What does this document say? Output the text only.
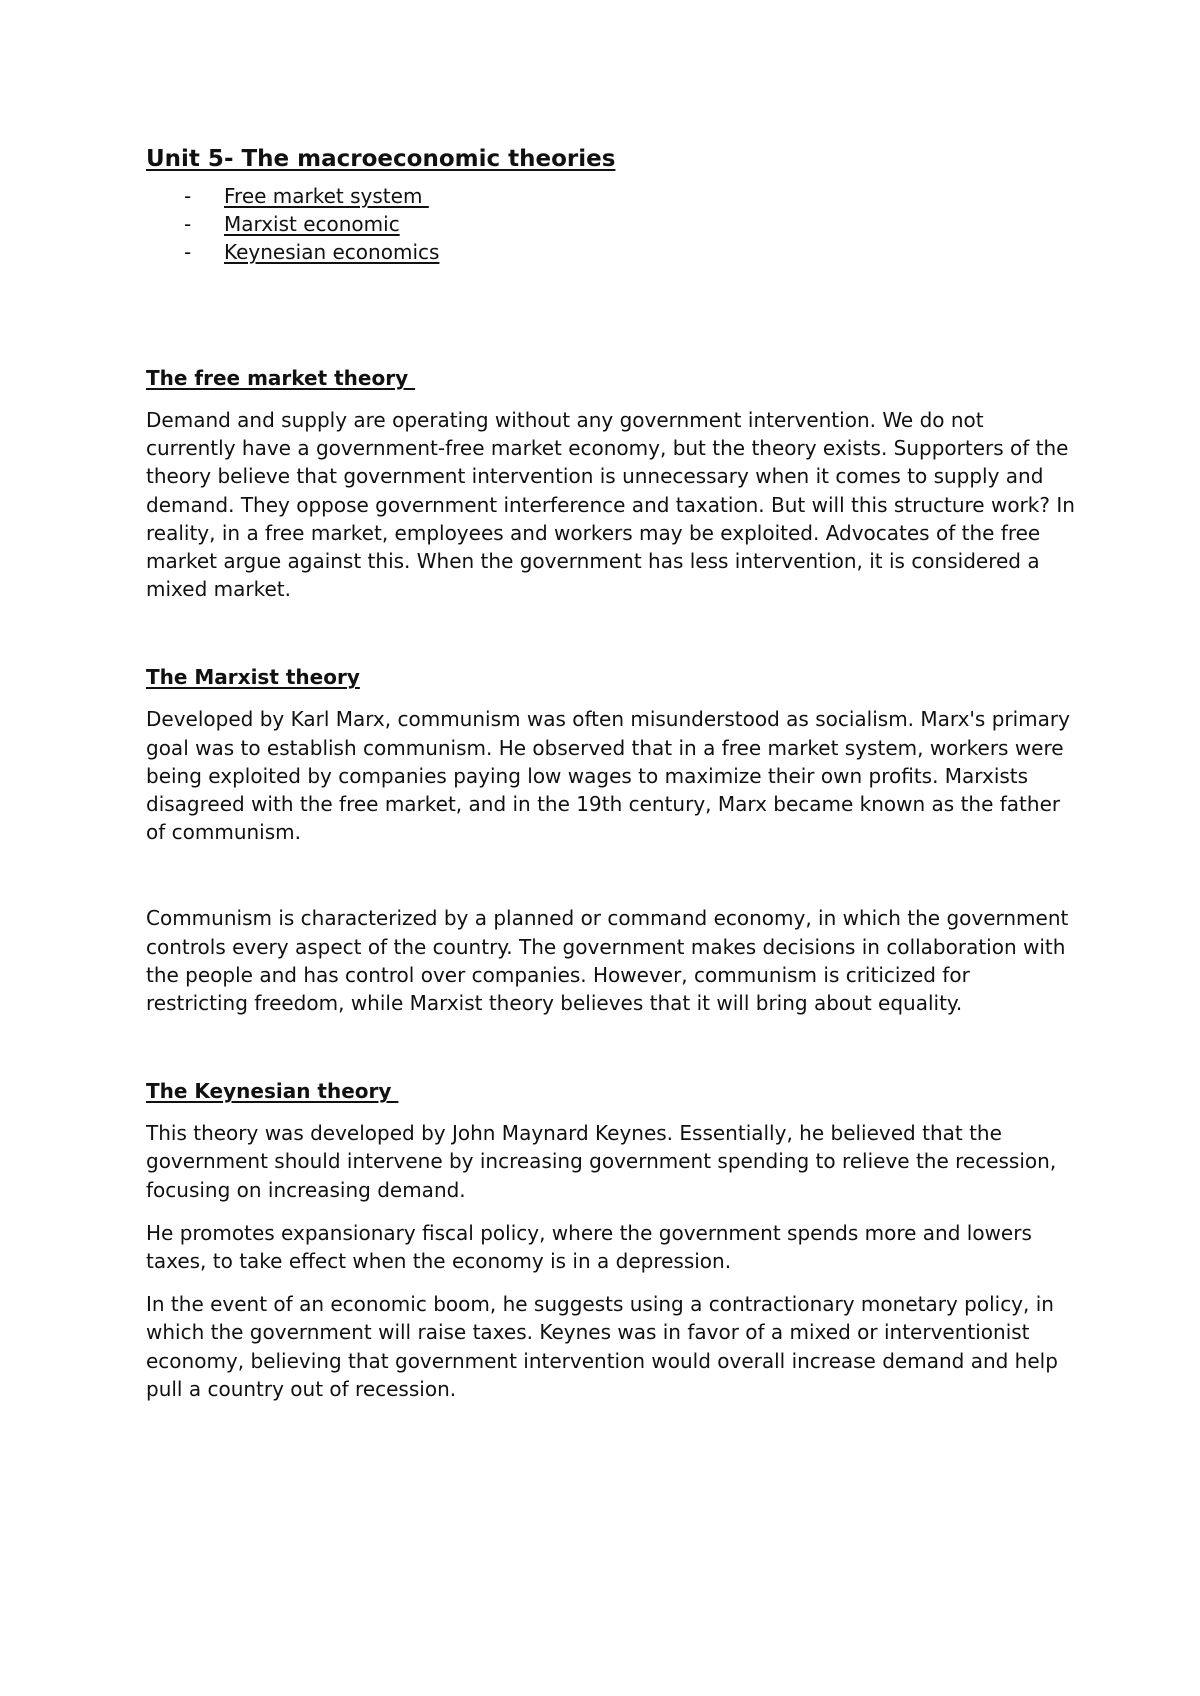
Unit 5- The macroeconomic theories
-	Free market system
-	Marxist economic
-	Keynesian economics
The free market theory

Demand and supply are operating without any government intervention. We do not currently have a government-free market economy, but the theory exists. Supporters of the theory believe that government intervention is unnecessary when it comes to supply and demand. They oppose government interference and taxation. But will this structure work? In reality, in a free market, employees and workers may be exploited. Advocates of the free market argue against this. When the government has less intervention, it is considered a mixed market.

The Marxist theory

Developed by Karl Marx, communism was often misunderstood as socialism. Marx's primary goal was to establish communism. He observed that in a free market system, workers were being exploited by companies paying low wages to maximize their own profits. Marxists disagreed with the free market, and in the 19th century, Marx became known as the father of communism.

Communism is characterized by a planned or command economy, in which the government controls every aspect of the country. The government makes decisions in collaboration with the people and has control over companies. However, communism is criticized for restricting freedom, while Marxist theory believes that it will bring about equality.

The Keynesian theory

This theory was developed by John Maynard Keynes. Essentially, he believed that the government should intervene by increasing government spending to relieve the recession, focusing on increasing demand.

He promotes expansionary fiscal policy, where the government spends more and lowers taxes, to take effect when the economy is in a depression.

In the event of an economic boom, he suggests using a contractionary monetary policy, in which the government will raise taxes. Keynes was in favor of a mixed or interventionist economy, believing that government intervention would overall increase demand and help pull a country out of recession.
